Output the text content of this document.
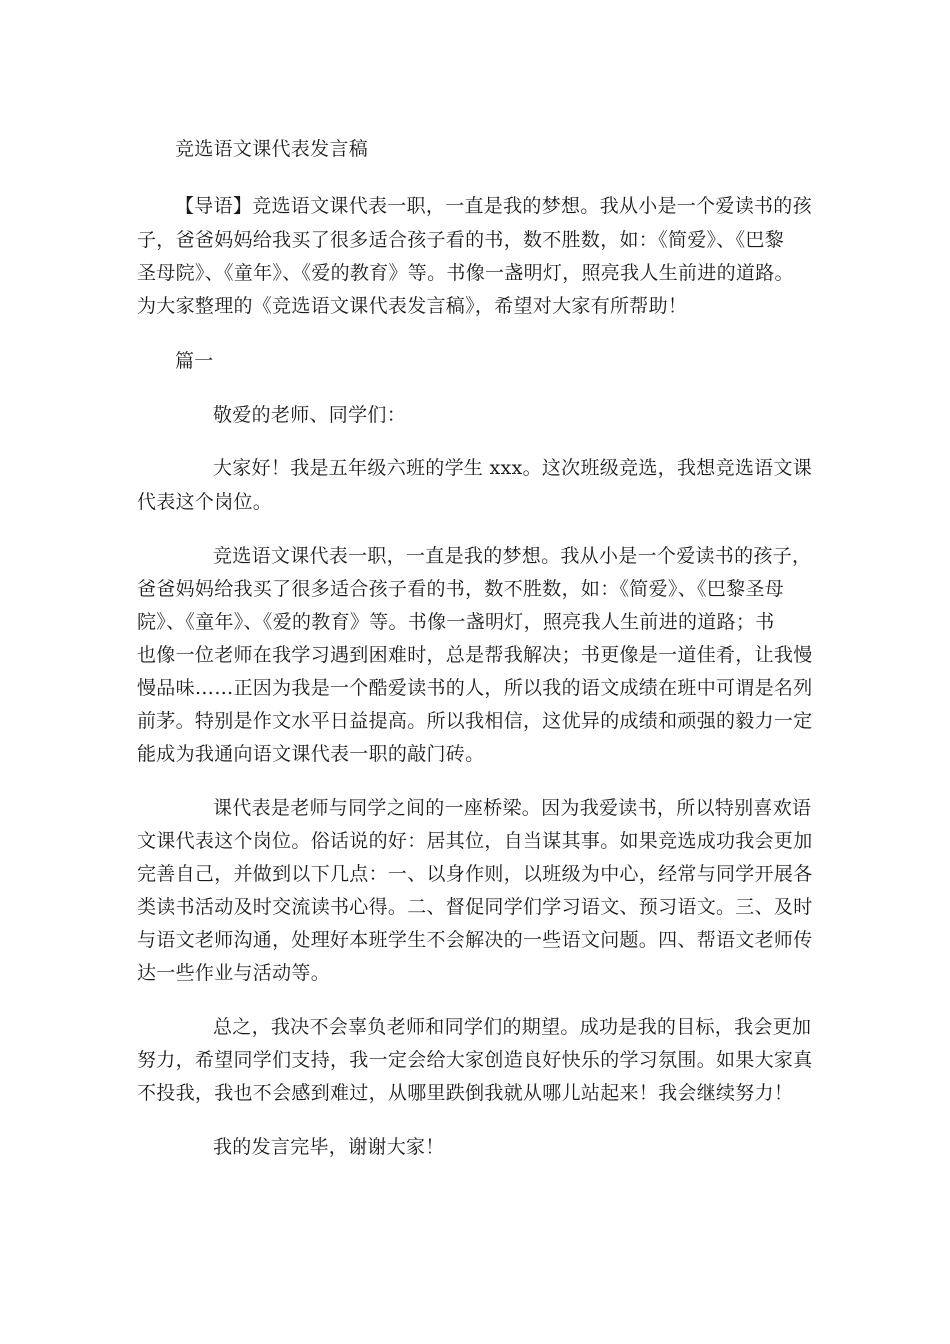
竞选语文课代表发言稿
【导语】竞选语文课代表一职，一直是我的梦想。我从小是一个爱读书的孩
子，爸爸妈妈给我买了很多适合孩子看的书，数不胜数，如：《简爱》、《巴黎
圣母院》、《童年》、《爱的教育》等。书像一盏明灯，照亮我人生前进的道路。
为大家整理的《竞选语文课代表发言稿》，希望对大家有所帮助！
篇一
敬爱的老师、同学们：
大家好！我是五年级六班的学生 xxx。这次班级竞选，我想竞选语文课
代表这个岗位。
竞选语文课代表一职，一直是我的梦想。我从小是一个爱读书的孩子，
爸爸妈妈给我买了很多适合孩子看的书，数不胜数，如：《简爱》、《巴黎圣母
院》、《童年》、《爱的教育》等。书像一盏明灯，照亮我人生前进的道路；书
也像一位老师在我学习遇到困难时，总是帮我解决；书更像是一道佳肴，让我慢
慢品味……正因为我是一个酷爱读书的人，所以我的语文成绩在班中可谓是名列
前茅。特别是作文水平日益提高。所以我相信，这优异的成绩和顽强的毅力一定
能成为我通向语文课代表一职的敲门砖。
课代表是老师与同学之间的一座桥梁。因为我爱读书，所以特别喜欢语
文课代表这个岗位。俗话说的好：居其位，自当谋其事。如果竞选成功我会更加
完善自己，并做到以下几点：一、以身作则，以班级为中心，经常与同学开展各
类读书活动及时交流读书心得。二、督促同学们学习语文、预习语文。三、及时
与语文老师沟通，处理好本班学生不会解决的一些语文问题。四、帮语文老师传
达一些作业与活动等。
总之，我决不会辜负老师和同学们的期望。成功是我的目标，我会更加
努力，希望同学们支持，我一定会给大家创造良好快乐的学习氛围。如果大家真
不投我，我也不会感到难过，从哪里跌倒我就从哪儿站起来！我会继续努力！
我的发言完毕，谢谢大家！
